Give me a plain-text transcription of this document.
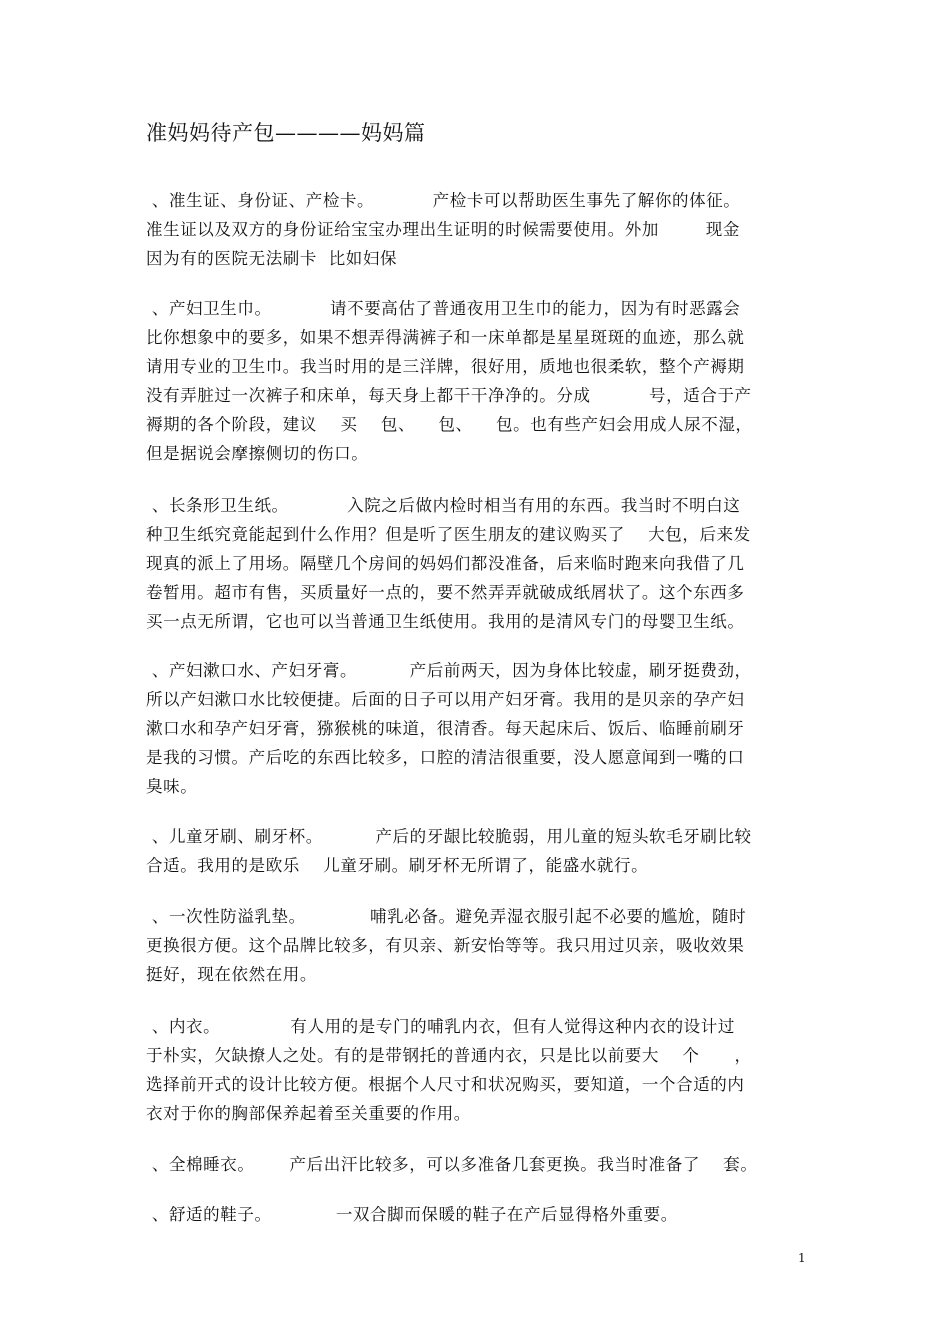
准妈妈待产包————妈妈篇
、准生证、身份证、产检卡。          产检卡可以帮助医生事先了解你的体征。
准生证以及双方的身份证给宝宝办理出生证明的时候需要使用。外加        现金
因为有的医院无法刷卡  比如妇保
、产妇卫生巾。          请不要高估了普通夜用卫生巾的能力，因为有时恶露会
比你想象中的要多，如果不想弄得满裤子和一床单都是星星斑斑的血迹，那么就
请用专业的卫生巾。我当时用的是三洋牌，很好用，质地也很柔软，整个产褥期
没有弄脏过一次裤子和床单，每天身上都干干净净的。分成          号，适合于产
褥期的各个阶段，建议    买    包、    包、    包。也有些产妇会用成人尿不湿，
但是据说会摩擦侧切的伤口。
、长条形卫生纸。          入院之后做内检时相当有用的东西。我当时不明白这
种卫生纸究竟能起到什么作用？但是听了医生朋友的建议购买了    大包，后来发
现真的派上了用场。隔壁几个房间的妈妈们都没准备，后来临时跑来向我借了几
卷暂用。超市有售，买质量好一点的，要不然弄弄就破成纸屑状了。这个东西多
买一点无所谓，它也可以当普通卫生纸使用。我用的是清风专门的母婴卫生纸。
、产妇漱口水、产妇牙膏。         产后前两天，因为身体比较虚，刷牙挺费劲，
所以产妇漱口水比较便捷。后面的日子可以用产妇牙膏。我用的是贝亲的孕产妇
漱口水和孕产妇牙膏，猕猴桃的味道，很清香。每天起床后、饭后、临睡前刷牙
是我的习惯。产后吃的东西比较多，口腔的清洁很重要，没人愿意闻到一嘴的口
臭味。
、儿童牙刷、刷牙杯。         产后的牙龈比较脆弱，用儿童的短头软毛牙刷比较
合适。我用的是欧乐    儿童牙刷。刷牙杯无所谓了，能盛水就行。
、一次性防溢乳垫。           哺乳必备。避免弄湿衣服引起不必要的尴尬，随时
更换很方便。这个品牌比较多，有贝亲、新安怡等等。我只用过贝亲，吸收效果
挺好，现在依然在用。
、内衣。            有人用的是专门的哺乳内衣，但有人觉得这种内衣的设计过
于朴实，欠缺撩人之处。有的是带钢托的普通内衣，只是比以前要大    个      ，
选择前开式的设计比较方便。根据个人尺寸和状况购买，要知道，一个合适的内
衣对于你的胸部保养起着至关重要的作用。
、全棉睡衣。      产后出汗比较多，可以多准备几套更换。我当时准备了    套。
、舒适的鞋子。           一双合脚而保暖的鞋子在产后显得格外重要。
1
